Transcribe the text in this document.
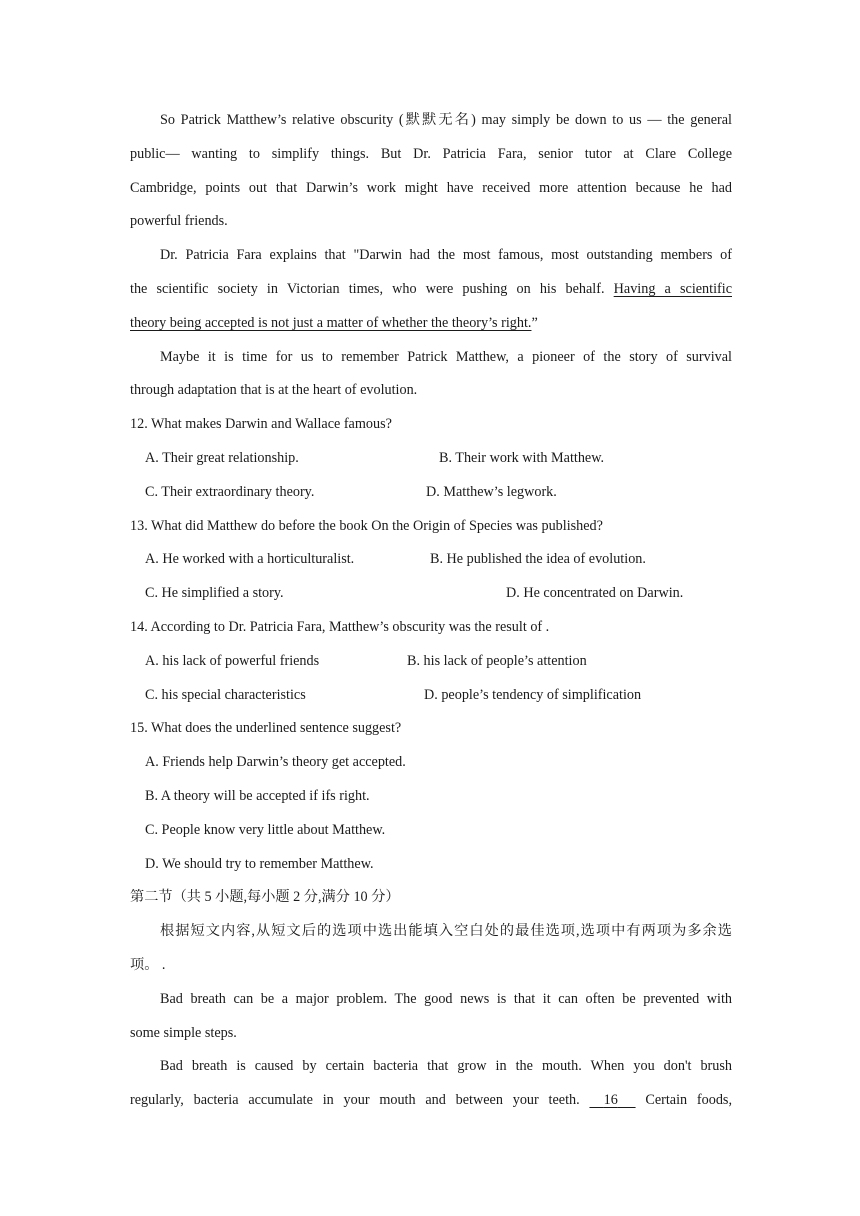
So Patrick Matthew’s relative obscurity (默默无名) may simply be down to us — the general
public— wanting to simplify things. But Dr. Patricia Fara, senior tutor at Clare College
Cambridge, points out that Darwin’s work might have received more attention because he had
powerful friends.
Dr. Patricia Fara explains that "Darwin had the most famous, most outstanding members of
the scientific society in Victorian times, who were pushing on his behalf. Having a scientific
theory being accepted is not just a matter of whether the theory’s right.”
Maybe it is time for us to remember Patrick Matthew, a pioneer of the story of survival
through adaptation that is at the heart of evolution.
12. What makes Darwin and Wallace famous?
A. Their great relationship.	B. Their work with Matthew.
C. Their extraordinary theory.	D. Matthew’s legwork.
13. What did Matthew do before the book On the Origin of Species was published?
A. He worked with a horticulturalist.	B. He published the idea of evolution.
C. He simplified a story.	D. He concentrated on Darwin.
14. According to Dr. Patricia Fara, Matthew’s obscurity was the result of .
A. his lack of powerful friends	B. his lack of people’s attention
C. his special characteristics	D. people’s tendency of simplification
15. What does the underlined sentence suggest?
A. Friends help Darwin’s theory get accepted.
B. A theory will be accepted if ifs right.
C. People know very little about Matthew.
D. We should try to remember Matthew.
第二节（共 5 小题,每小题 2 分,满分 10 分）
根据短文内容,从短文后的选项中选出能填入空白处的最佳选项,选项中有两项为多余选
项。 .
Bad breath can be a major problem. The good news is that it can often be prevented with
some simple steps.
Bad breath is caused by certain bacteria that grow in the mouth. When you don't brush
regularly, bacteria accumulate in your mouth and between your teeth.     16      Certain foods,
